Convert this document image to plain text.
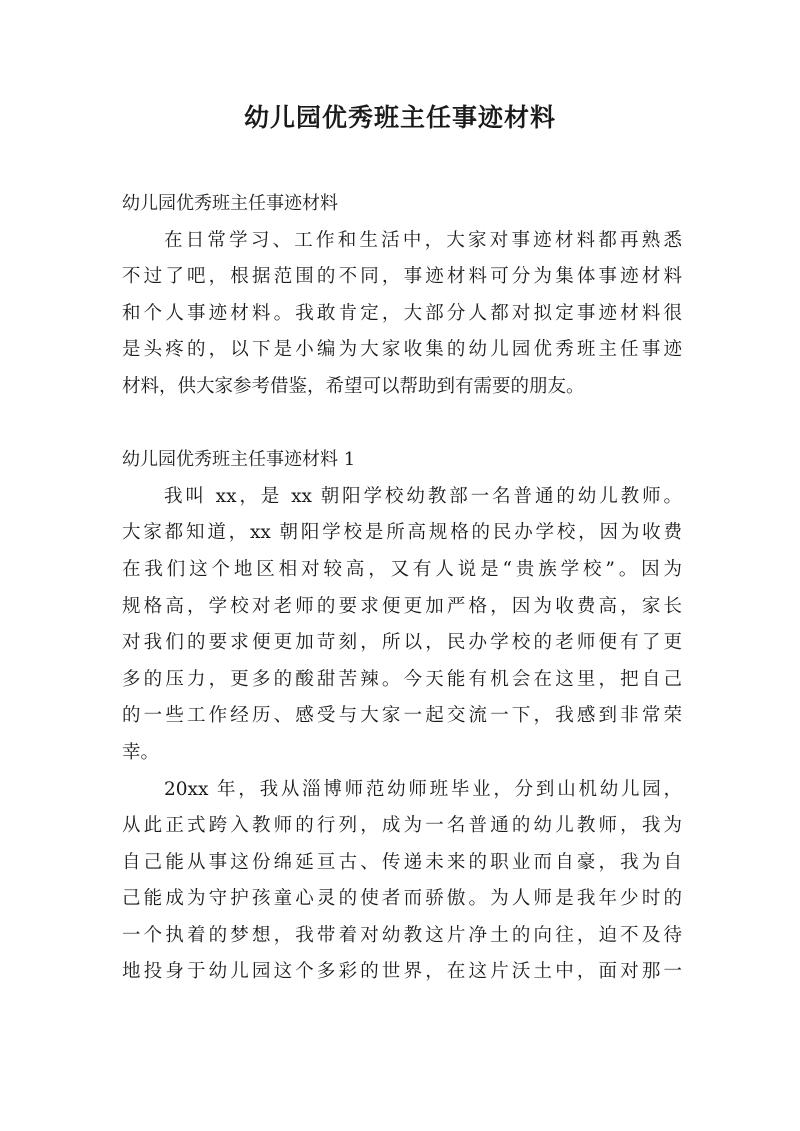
幼儿园优秀班主任事迹材料
幼儿园优秀班主任事迹材料
在日常学习、工作和生活中，大家对事迹材料都再熟悉
不过了吧，根据范围的不同，事迹材料可分为集体事迹材料
和个人事迹材料。我敢肯定，大部分人都对拟定事迹材料很
是头疼的，以下是小编为大家收集的幼儿园优秀班主任事迹
材料，供大家参考借鉴，希望可以帮助到有需要的朋友。
幼儿园优秀班主任事迹材料 1
我叫 xx，是 xx 朝阳学校幼教部一名普通的幼儿教师。
大家都知道，xx 朝阳学校是所高规格的民办学校，因为收费
在我们这个地区相对较高，又有人说是“贵族学校”。因为
规格高，学校对老师的要求便更加严格，因为收费高，家长
对我们的要求便更加苛刻，所以，民办学校的老师便有了更
多的压力，更多的酸甜苦辣。今天能有机会在这里，把自己
的一些工作经历、感受与大家一起交流一下，我感到非常荣
幸。
20xx 年，我从淄博师范幼师班毕业，分到山机幼儿园，
从此正式跨入教师的行列，成为一名普通的幼儿教师，我为
自己能从事这份绵延亘古、传递未来的职业而自豪，我为自
己能成为守护孩童心灵的使者而骄傲。为人师是我年少时的
一个执着的梦想，我带着对幼教这片净土的向往，迫不及待
地投身于幼儿园这个多彩的世界，在这片沃土中，面对那一
